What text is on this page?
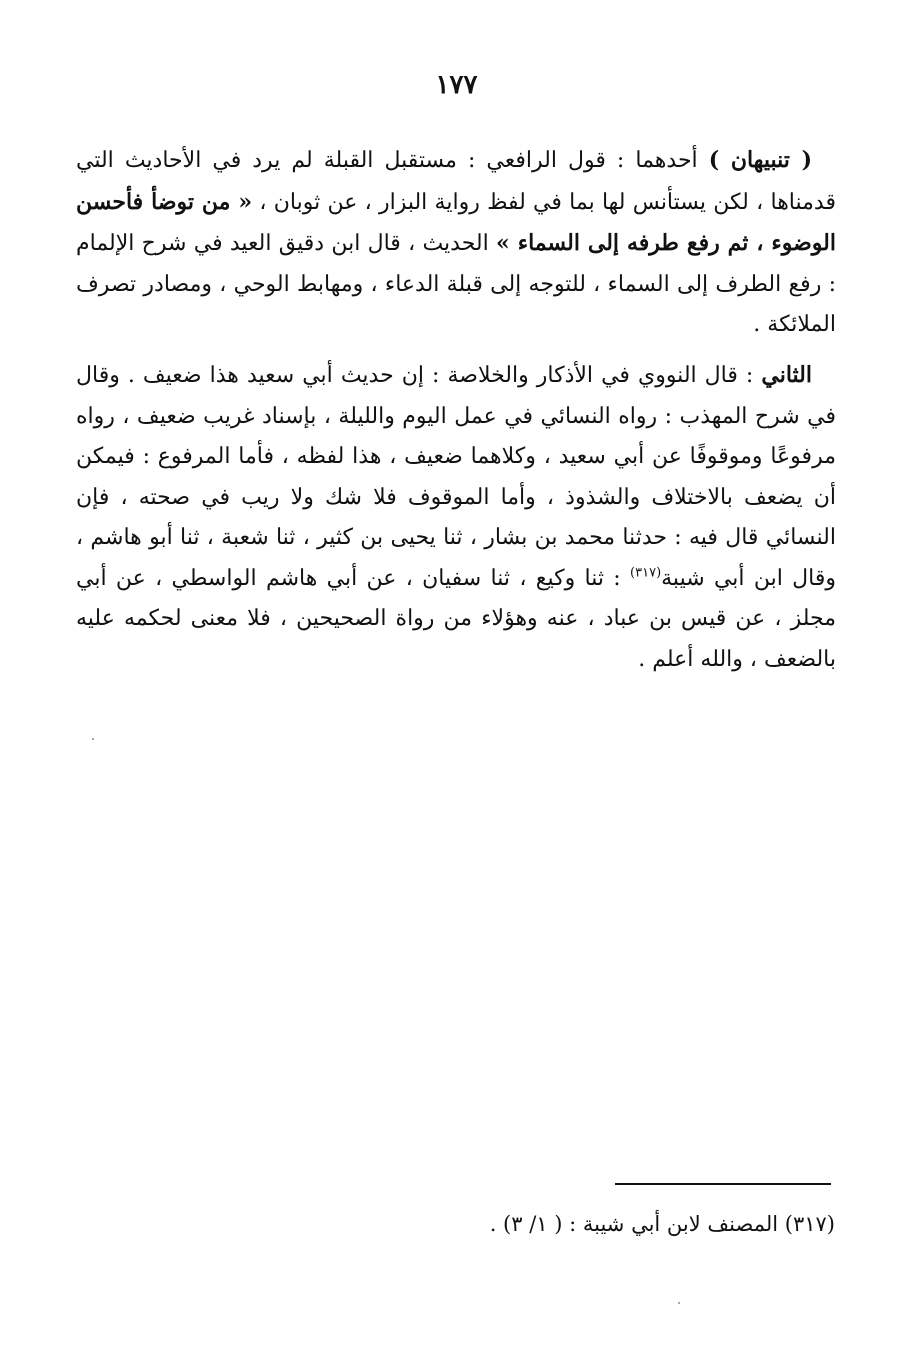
١٧٧

( تنبيهان ) أحدهما : قول الرافعي : مستقبل القبلة لم يرد في الأحاديث التي قدمناها ، لكن يستأنس لها بما في لفظ رواية البزار ، عن ثوبان ، « من توضأ فأحسن الوضوء ، ثم رفع طرفه إلى السماء » الحديث ، قال ابن دقيق العيد في شرح الإلمام : رفع الطرف إلى السماء ، للتوجه إلى قبلة الدعاء ، ومهابط الوحي ، ومصادر تصرف الملائكة .

الثاني : قال النووي في الأذكار والخلاصة : إن حديث أبي سعيد هذا ضعيف . وقال في شرح المهذب : رواه النسائي في عمل اليوم والليلة ، بإسناد غريب ضعيف ، رواه مرفوعًا وموقوفًا عن أبي سعيد ، وكلاهما ضعيف ، هذا لفظه ، فأما المرفوع : فيمكن أن يضعف بالاختلاف والشذوذ ، وأما الموقوف فلا شك ولا ريب في صحته ، فإن النسائي قال فيه : حدثنا محمد بن بشار ، ثنا يحيى بن كثير ، ثنا شعبة ، ثنا أبو هاشم ، وقال ابن أبي شيبة$^{(٣١٧)}$ : ثنا وكيع ، ثنا سفيان ، عن أبي هاشم الواسطي ، عن أبي مجلز ، عن قيس بن عباد ، عنه وهؤلاء من رواة الصحيحين ، فلا معنى لحكمه عليه بالضعف ، والله أعلم .

(٣١٧) المصنف لابن أبي شيبة : ( ١/ ٣) .
